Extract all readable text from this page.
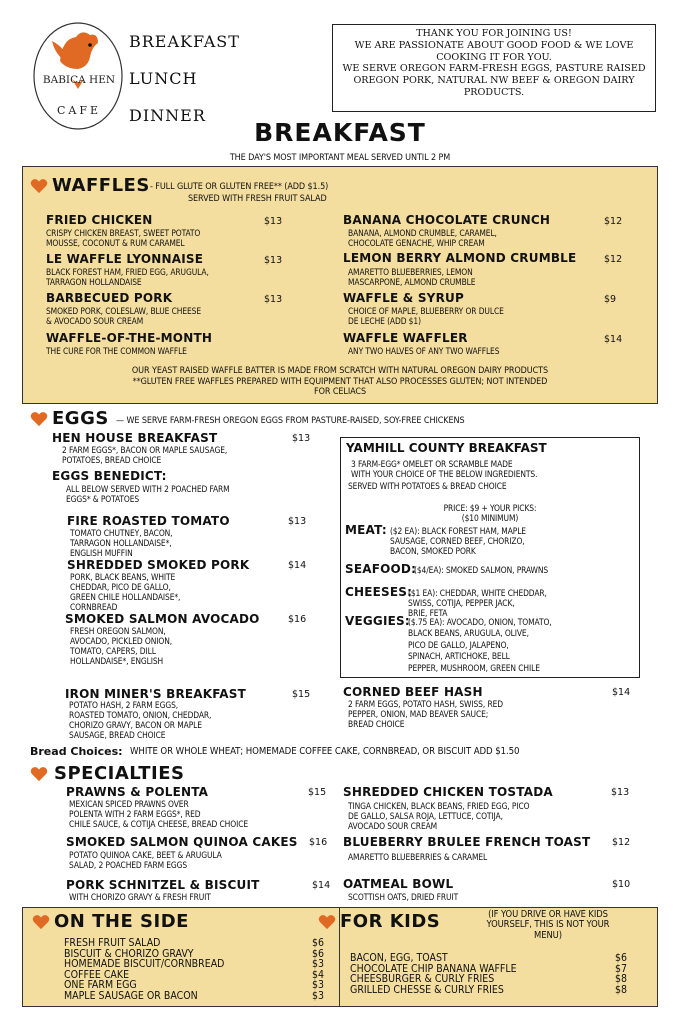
BABICA HEN
CAFE
BREAKFAST
LUNCH
DINNER
THANK YOU FOR JOINING US!
WE ARE PASSIONATE ABOUT GOOD FOOD & WE LOVE COOKING IT FOR YOU.
WE SERVE OREGON FARM-FRESH EGGS, PASTURE RAISED OREGON PORK, NATURAL NW BEEF & OREGON DAIRY PRODUCTS.
BREAKFAST
THE DAY'S MOST IMPORTANT MEAL SERVED UNTIL 2 PM
WAFFLES - FULL GLUTE OR GLUTEN FREE** (ADD $1.5)
SERVED WITH FRESH FRUIT SALAD
FRIED CHICKEN
CRISPY CHICKEN BREAST, SWEET POTATO
MOUSSE, COCONUT & RUM CARAMEL
$13
LE WAFFLE LYONNAISE
BLACK FOREST HAM, FRIED EGG, ARUGULA,
TARRAGON HOLLANDAISE
$13
BARBECUED PORK
SMOKED PORK, COLESLAW, BLUE CHEESE
& AVOCADO SOUR CREAM
$13
WAFFLE-OF-THE-MONTH
THE CURE FOR THE COMMON WAFFLE
BANANA CHOCOLATE CRUNCH
BANANA, ALMOND CRUMBLE, CARAMEL,
CHOCOLATE GENACHE, WHIP CREAM
$12
LEMON BERRY ALMOND CRUMBLE
AMARETTO BLUEBERRIES, LEMON
MASCARPONE, ALMOND CRUMBLE
$12
WAFFLE & SYRUP
CHOICE OF MAPLE, BLUEBERRY OR DULCE
DE LECHE (ADD $1)
$9
WAFFLE WAFFLER
ANY TWO HALVES OF ANY TWO WAFFLES
$14
OUR YEAST RAISED WAFFLE BATTER IS MADE FROM SCRATCH WITH NATURAL OREGON DAIRY PRODUCTS
**GLUTEN FREE WAFFLES PREPARED WITH EQUIPMENT THAT ALSO PROCESSES GLUTEN; NOT INTENDED
FOR CELIACS
EGGS — WE SERVE FARM-FRESH OREGON EGGS FROM PASTURE-RAISED, SOY-FREE CHICKENS
HEN HOUSE BREAKFAST
2 FARM EGGS*, BACON OR MAPLE SAUSAGE,
POTATOES, BREAD CHOICE
$13
EGGS BENEDICT:
ALL BELOW SERVED WITH 2 POACHED FARM
EGGS* & POTATOES
FIRE ROASTED TOMATO
TOMATO CHUTNEY, BACON,
TARRAGON HOLLANDAISE*,
ENGLISH MUFFIN
$13
SHREDDED SMOKED PORK
PORK, BLACK BEANS, WHITE
CHEDDAR, PICO DE GALLO,
GREEN CHILE HOLLANDAISE*,
CORNBREAD
$14
SMOKED SALMON AVOCADO
FRESH OREGON SALMON,
AVOCADO, PICKLED ONION,
TOMATO, CAPERS, DILL
HOLLANDAISE*, ENGLISH
$16
IRON MINER'S BREAKFAST
POTATO HASH, 2 FARM EGGS,
ROASTED TOMATO, ONION, CHEDDAR,
CHORIZO GRAVY, BACON OR MAPLE
SAUSAGE, BREAD CHOICE
$15	CORNED BEEF HASH
2 FARM EGGS, POTATO HASH, SWISS, RED
PEPPER, ONION, MAD BEAVER SAUCE;
BREAD CHOICE
$14
YAMHILL COUNTY BREAKFAST
3 FARM-EGG* OMELET OR SCRAMBLE MADE
WITH YOUR CHOICE OF THE BELOW INGREDIENTS.
SERVED WITH POTATOES & BREAD CHOICE
PRICE: $9 + YOUR PICKS:
($10 MINIMUM)
MEAT: ($2 EA): BLACK FOREST HAM, MAPLE
SAUSAGE, CORNED BEEF, CHORIZO,
BACON, SMOKED PORK
SEAFOOD:
($4/EA): SMOKED SALMON, PRAWNS
CHEESES:
($1 EA): CHEDDAR, WHITE CHEDDAR,
SWISS, COTIJA, PEPPER JACK,
BRIE, FETA
VEGGIES:
($.75 EA): AVOCADO, ONION, TOMATO,
BLACK BEANS, ARUGULA, OLIVE,
PICO DE GALLO, JALAPENO,
SPINACH, ARTICHOKE, BELL
PEPPER, MUSHROOM, GREEN CHILE
Bread Choices: WHITE OR WHOLE WHEAT; HOMEMADE COFFEE CAKE, CORNBREAD, OR BISCUIT ADD $1.50
SPECIALTIES
PRAWNS & POLENTA
MEXICAN SPICED PRAWNS OVER
POLENTA WITH 2 FARM EGGS*, RED
CHILE SAUCE, & COTIJA CHEESE, BREAD CHOICE
$15
SMOKED SALMON QUINOA CAKES
POTATO QUINOA CAKE, BEET & ARUGULA
SALAD, 2 POACHED FARM EGGS
$16
PORK SCHNITZEL & BISCUIT
WITH CHORIZO GRAVY & FRESH FRUIT
$14
SHREDDED CHICKEN TOSTADA
TINGA CHICKEN, BLACK BEANS, FRIED EGG, PICO
DE GALLO, SALSA ROJA, LETTUCE, COTIJA,
AVOCADO SOUR CREAM
$13
BLUEBERRY BRULEE FRENCH TOAST
AMARETTO BLUEBERRIES & CARAMEL
$12
OATMEAL BOWL
SCOTTISH OATS, DRIED FRUIT
$10
ON THE SIDE
FRESH FRUIT SALAD
BISCUIT & CHORIZO GRAVY
HOMEMADE BISCUIT/CORNBREAD
COFFEE CAKE
ONE FARM EGG
MAPLE SAUSAGE OR BACON
$6
$6
$3
$4
$3
$3
FOR KIDS	(IF YOU DRIVE OR HAVE KIDS
YOURSELF, THIS IS NOT YOUR
MENU)
BACON, EGG, TOAST
CHOCOLATE CHIP BANANA WAFFLE
CHEESBURGER & CURLY FRIES
GRILLED CHESSE & CURLY FRIES
$6
$7
$8
$8
